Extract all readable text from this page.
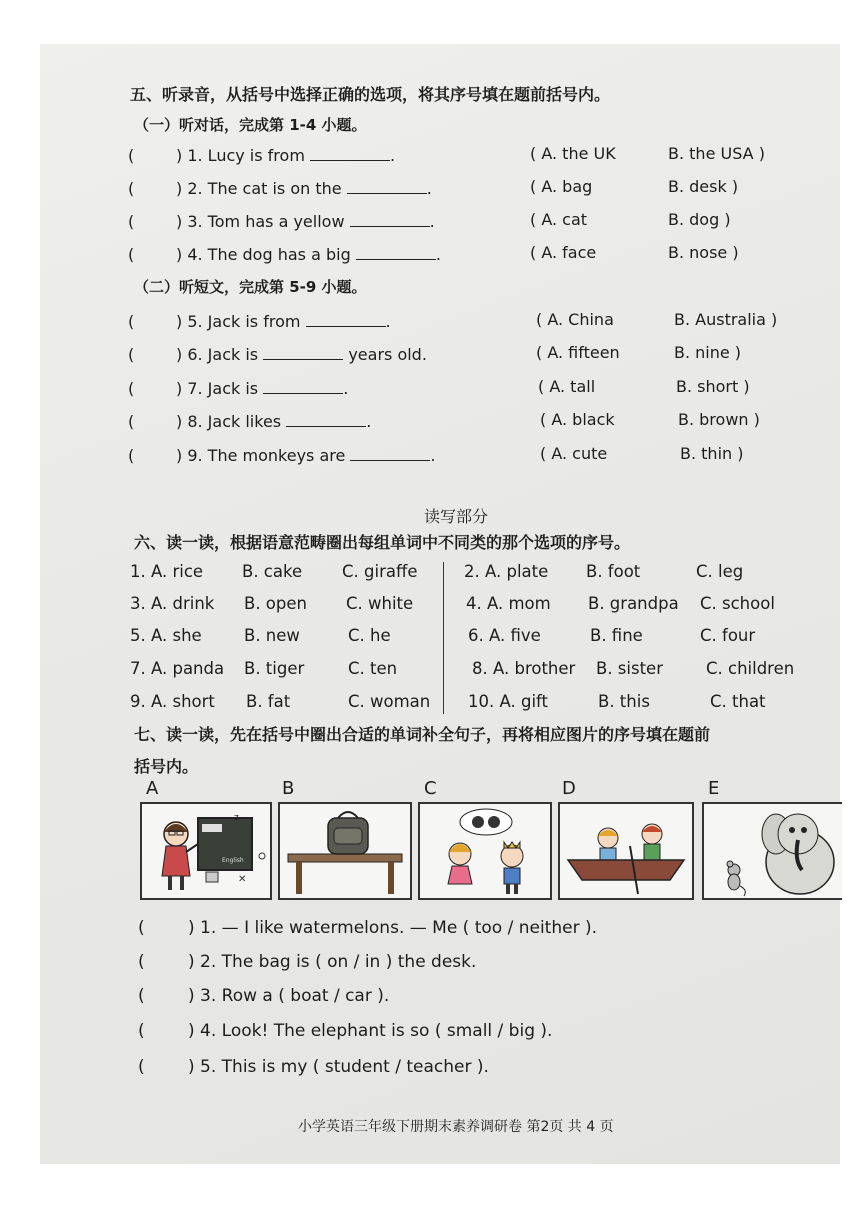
五、听录音，从括号中选择正确的选项，将其序号填在题前括号内。
（一）听对话，完成第 1-4 小题。
(	) 1. Lucy is from	.	( A. the UK	B. the USA )
(	) 2. The cat is on the	.	( A. bag	B. desk )
(	) 3. Tom has a yellow	.	( A. cat	B. dog )
(	) 4. The dog has a big	.	( A. face	B. nose )
（二）听短文，完成第 5-9 小题。
(	) 5. Jack is from	.	( A. China	B. Australia )
(	) 6. Jack is	years old.	( A. fifteen	B. nine )
(	) 7. Jack is	.	( A. tall	B. short )
(	) 8. Jack likes	.	( A. black	B. brown )
(	) 9. The monkeys are	.	( A. cute	B. thin )
读写部分
六、读一读，根据语意范畴圈出每组单词中不同类的那个选项的序号。
1. A. rice B. cake C. giraffe
3. A. drink B. open C. white
5. A. she	B. new	C. he
7. A. panda B. tiger	C. ten
9. A. short B. fat	C. woman
2. A. plate B. foot	C. leg
4. A. mom B. grandpa C. school
6. A. five	B. fine	C. four
8. A. brother B. sister	C. children
10. A. gift	B. this	C. that
七、读一读，先在括号中圈出合适的单词补全句子，再将相应图片的序号填在题前
括号内。
A	B	C	D	E
z
English
✕
(	) 1. — I like watermelons. — Me ( too / neither ).
(	) 2. The bag is ( on / in ) the desk.
(	) 3. Row a ( boat / car ).
(	) 4. Look! The elephant is so ( small / big ).
(	) 5. This is my ( student / teacher ).
小学英语三年级下册期末素养调研卷 第2页 共 4 页
